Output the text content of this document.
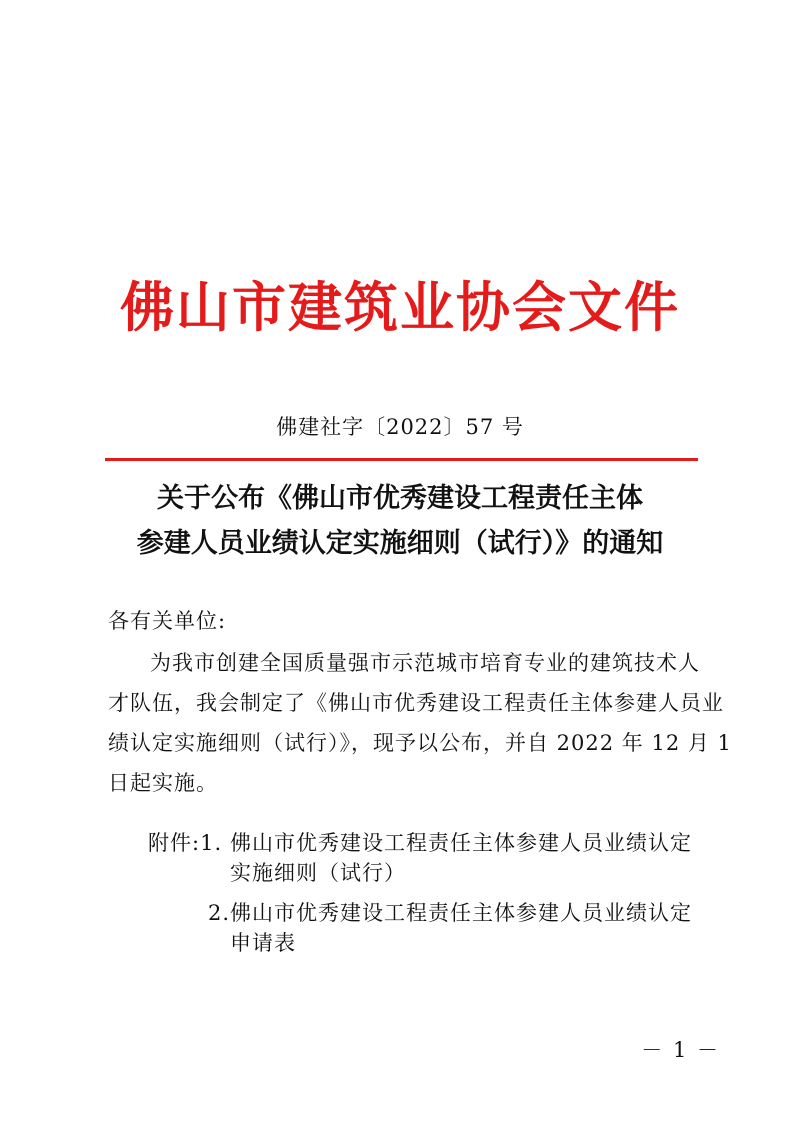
佛山市建筑业协会文件
佛建社字〔2022〕57 号
关于公布《佛山市优秀建设工程责任主体
参建人员业绩认定实施细则（试行）》的通知
各有关单位:
为我市创建全国质量强市示范城市培育专业的建筑技术人
才队伍，我会制定了《佛山市优秀建设工程责任主体参建人员业
绩认定实施细则（试行）》，现予以公布，并自 2022 年 12 月 1
日起实施。
附件:1. 佛山市优秀建设工程责任主体参建人员业绩认定
实施细则（试行）
2.佛山市优秀建设工程责任主体参建人员业绩认定
申请表
－ 1 －
